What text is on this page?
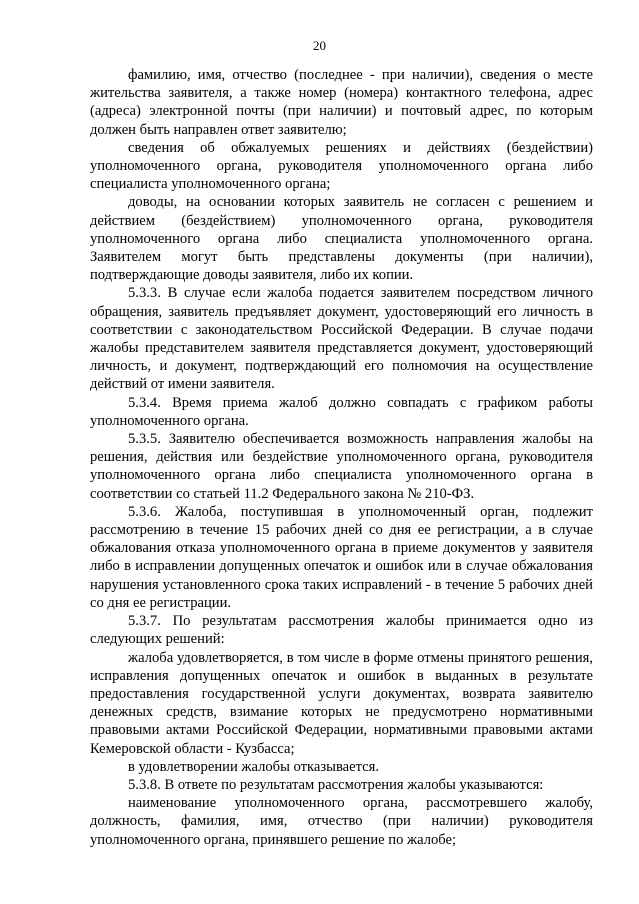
20

фамилию, имя, отчество (последнее - при наличии), сведения о месте жительства заявителя, а также номер (номера) контактного телефона, адрес (адреса) электронной почты (при наличии) и почтовый адрес, по которым должен быть направлен ответ заявителю;

сведения об обжалуемых решениях и действиях (бездействии) уполномоченного органа, руководителя уполномоченного органа либо специалиста уполномоченного органа;

доводы, на основании которых заявитель не согласен с решением и действием (бездействием) уполномоченного органа, руководителя уполномоченного органа либо специалиста уполномоченного органа. Заявителем могут быть представлены документы (при наличии), подтверждающие доводы заявителя, либо их копии.

5.3.3. В случае если жалоба подается заявителем посредством личного обращения, заявитель предъявляет документ, удостоверяющий его личность в соответствии с законодательством Российской Федерации. В случае подачи жалобы представителем заявителя представляется документ, удостоверяющий личность, и документ, подтверждающий его полномочия на осуществление действий от имени заявителя.

5.3.4. Время приема жалоб должно совпадать с графиком работы уполномоченного органа.

5.3.5. Заявителю обеспечивается возможность направления жалобы на решения, действия или бездействие уполномоченного органа, руководителя уполномоченного органа либо специалиста уполномоченного органа в соответствии со статьей 11.2 Федерального закона № 210-ФЗ.

5.3.6. Жалоба, поступившая в уполномоченный орган, подлежит рассмотрению в течение 15 рабочих дней со дня ее регистрации, а в случае обжалования отказа уполномоченного органа в приеме документов у заявителя либо в исправлении допущенных опечаток и ошибок или в случае обжалования нарушения установленного срока таких исправлений - в течение 5 рабочих дней со дня ее регистрации.

5.3.7. По результатам рассмотрения жалобы принимается одно из следующих решений:

жалоба удовлетворяется, в том числе в форме отмены принятого решения, исправления допущенных опечаток и ошибок в выданных в результате предоставления государственной услуги документах, возврата заявителю денежных средств, взимание которых не предусмотрено нормативными правовыми актами Российской Федерации, нормативными правовыми актами Кемеровской области - Кузбасса;

в удовлетворении жалобы отказывается.

5.3.8. В ответе по результатам рассмотрения жалобы указываются:

наименование уполномоченного органа, рассмотревшего жалобу, должность, фамилия, имя, отчество (при наличии) руководителя уполномоченного органа, принявшего решение по жалобе;
